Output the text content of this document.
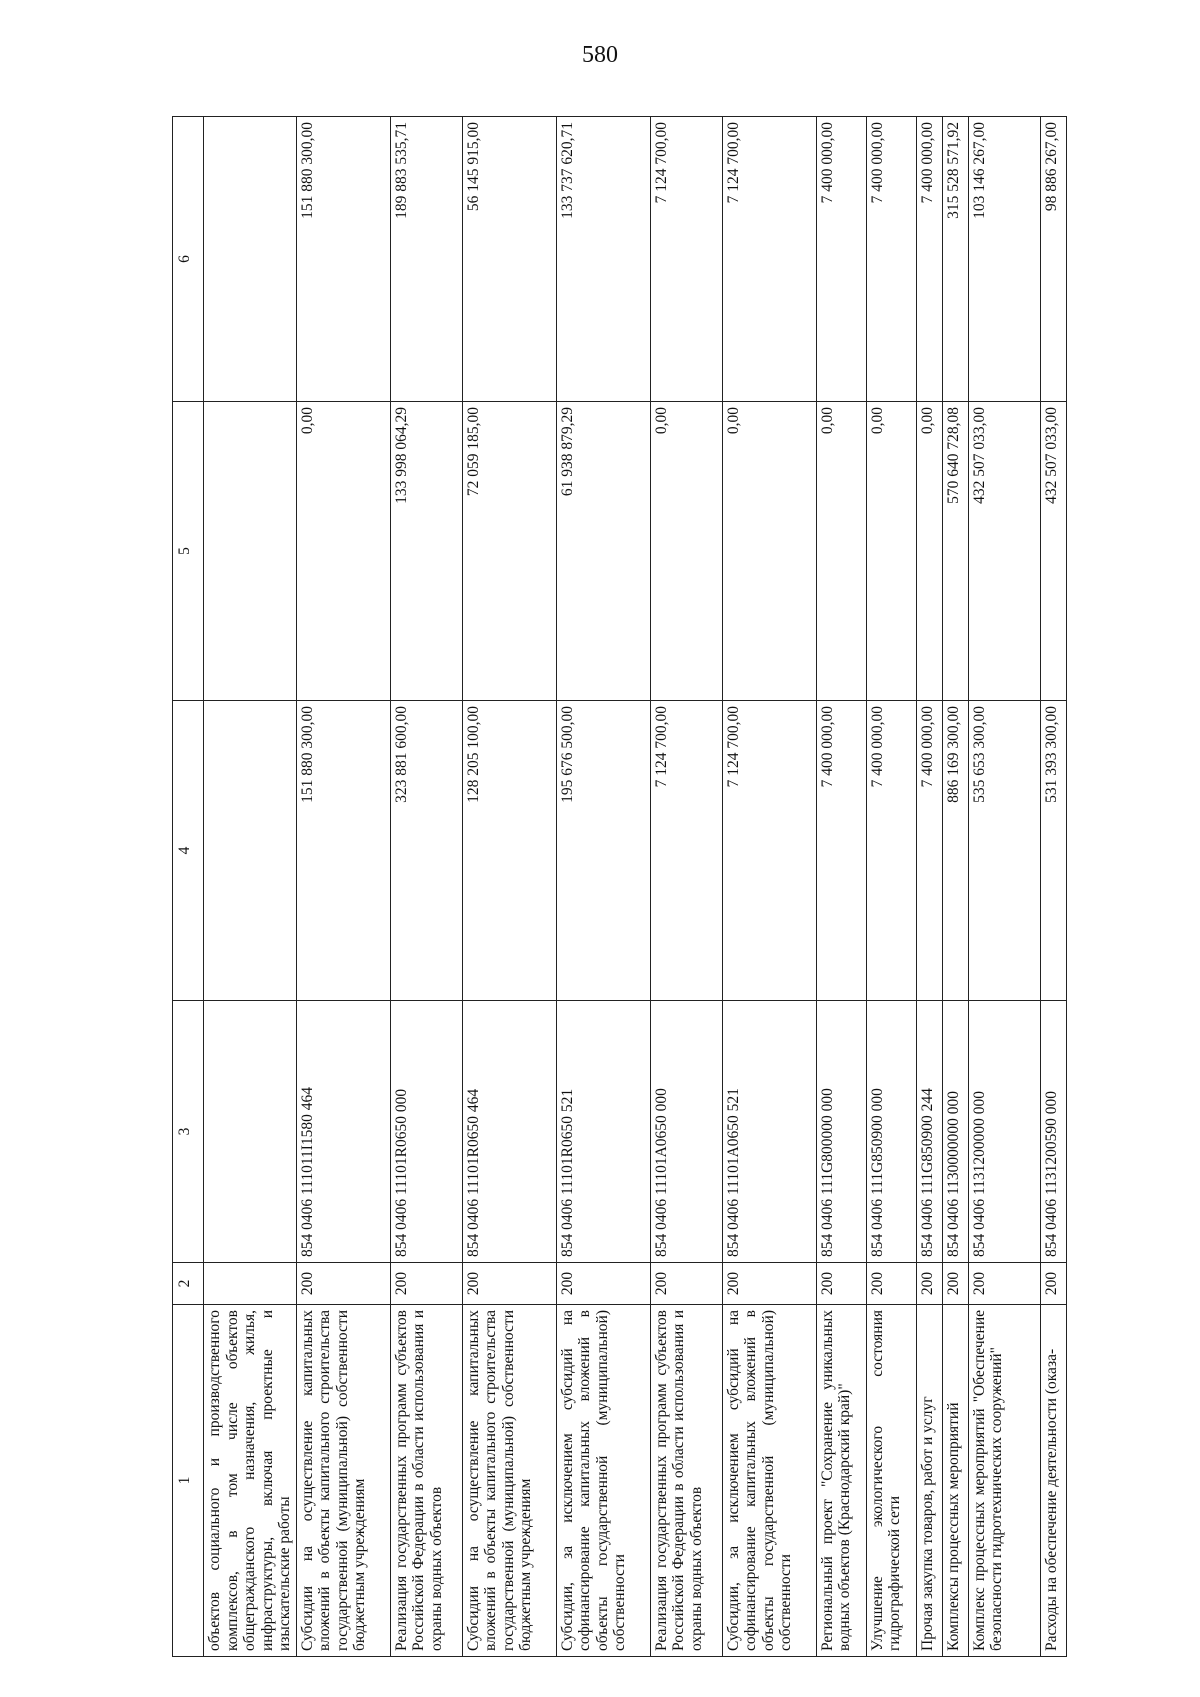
580
1	2	3	4	5	6
объектов социального и производственного комплексов, в том числе объектов общегражданского назначения, жилья, инфраструктуры, включая проектные и изыскательские работы					
Субсидии на осуществление капитальных вложений в объекты капитального строительства государственной (муниципальной) собственности бюджетным учреждениям	200	854 0406 111011I1580 464	151 880 300,00	0,00	151 880 300,00
Реализация государственных программ субъектов Российской Федерации в области использования и охраны водных объектов	200	854 0406 11101R0650 000	323 881 600,00	133 998 064,29	189 883 535,71
Субсидии на осуществление капитальных вложений в объекты капитального строительства государственной (муниципальной) собственности бюджетным учреждениям	200	854 0406 11101R0650 464	128 205 100,00	72 059 185,00	56 145 915,00
Субсидии, за исключением субсидий на софинансирование капитальных вложений в объекты государственной (муниципальной) собственности	200	854 0406 11101R0650 521	195 676 500,00	61 938 879,29	133 737 620,71
Реализация государственных программ субъектов Российской Федерации в области использования и охраны водных объектов	200	854 0406 11101A0650 000	7 124 700,00	0,00	7 124 700,00
Субсидии, за исключением субсидий на софинансирование капитальных вложений в объекты государственной (муниципальной) собственности	200	854 0406 11101A0650 521	7 124 700,00	0,00	7 124 700,00
Региональный проект "Сохранение уникальных водных объектов (Краснодарский край)"	200	854 0406 111G800000 000	7 400 000,00	0,00	7 400 000,00
Улучшение экологического состояния гидрографической сети	200	854 0406 111G850900 000	7 400 000,00	0,00	7 400 000,00
Прочая закупка товаров, работ и услуг	200	854 0406 111G850900 244	7 400 000,00	0,00	7 400 000,00
Комплексы процессных мероприятий	200	854 0406 1130000000 000	886 169 300,00	570 640 728,08	315 528 571,92
Комплекс процессных мероприятий "Обеспечение безопасности гидротехнических сооружений"	200	854 0406 1131200000 000	535 653 300,00	432 507 033,00	103 146 267,00
Расходы на обеспечение деятельности (оказа-	200	854 0406 1131200590 000	531 393 300,00	432 507 033,00	98 886 267,00
